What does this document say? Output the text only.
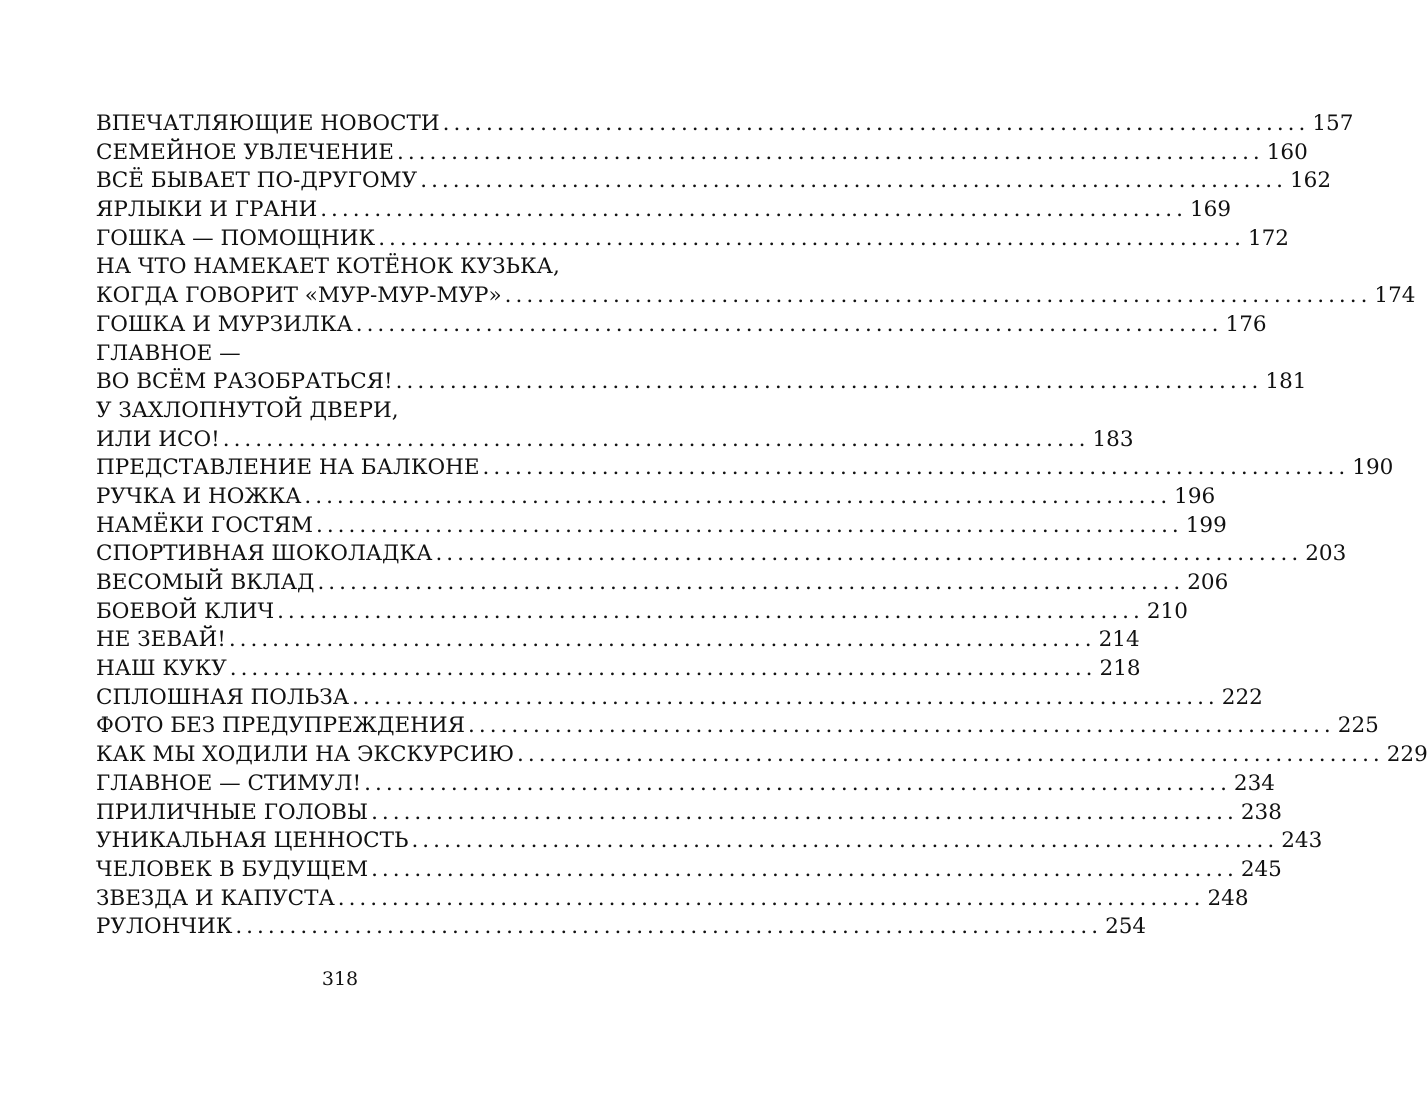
ВПЕЧАТЛЯЮЩИЕ НОВОСТИ ................................................................................ 157
СЕМЕЙНОЕ УВЛЕЧЕНИЕ ................................................................................ 160
ВСЁ БЫВАЕТ ПО-ДРУГОМУ ................................................................................ 162
ЯРЛЫКИ И ГРАНИ ................................................................................ 169
ГОШКА — ПОМОЩНИК ................................................................................ 172
НА ЧТО НАМЕКАЕТ КОТЁНОК КУЗЬКА,
КОГДА ГОВОРИТ «МУР-МУР-МУР» ................................................................................ 174
ГОШКА И МУРЗИЛКА ................................................................................ 176
ГЛАВНОЕ —
ВО ВСЁМ РАЗОБРАТЬСЯ! ................................................................................ 181
У ЗАХЛОПНУТОЙ ДВЕРИ,
ИЛИ ИСО! ................................................................................ 183
ПРЕДСТАВЛЕНИЕ НА БАЛКОНЕ ................................................................................ 190
РУЧКА И НОЖКА ................................................................................ 196
НАМЁКИ ГОСТЯМ ................................................................................ 199
СПОРТИВНАЯ ШОКОЛАДКА ................................................................................ 203
ВЕСОМЫЙ ВКЛАД ................................................................................ 206
БОЕВОЙ КЛИЧ ................................................................................ 210
НЕ ЗЕВАЙ! ................................................................................ 214
НАШ КУКУ ................................................................................ 218
СПЛОШНАЯ ПОЛЬЗА ................................................................................ 222
ФОТО БЕЗ ПРЕДУПРЕЖДЕНИЯ ................................................................................ 225
КАК МЫ ХОДИЛИ НА ЭКСКУРСИЮ ................................................................................ 229
ГЛАВНОЕ — СТИМУЛ! ................................................................................ 234
ПРИЛИЧНЫЕ ГОЛОВЫ ................................................................................ 238
УНИКАЛЬНАЯ ЦЕННОСТЬ ................................................................................ 243
ЧЕЛОВЕК В БУДУЩЕМ ................................................................................ 245
ЗВЕЗДА И КАПУСТА ................................................................................ 248
РУЛОНЧИК ................................................................................ 254
318
